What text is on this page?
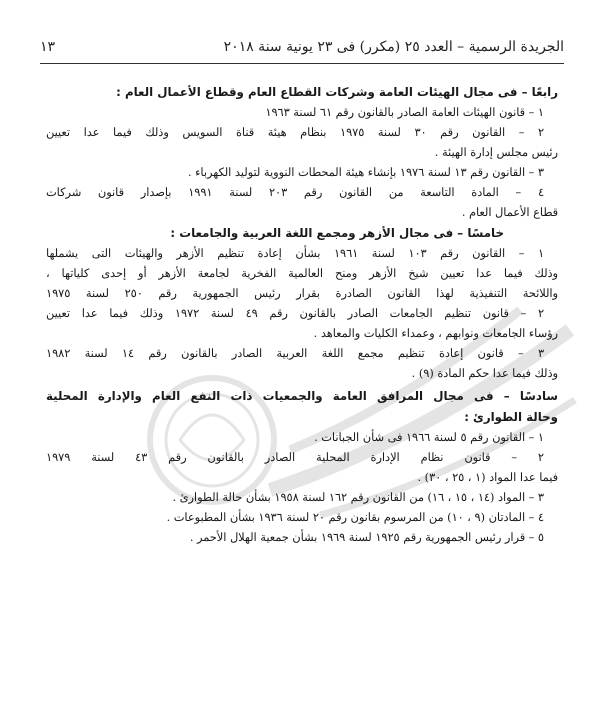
الجريدة الرسمية – العدد ٢٥ (مكرر) فى ٢٣ يونية سنة ٢٠١٨
١٣
رابعًا – فى مجال الهيئات العامة وشركات القطاع العام وقطاع الأعمال العام :

١ – قانون الهيئات العامة الصادر بالقانون رقم ٦١ لسنة ١٩٦٣

٢ – القانون رقم ٣٠ لسنة ١٩٧٥ بنظام هيئة قناة السويس وذلك فيما عدا تعيين

رئيس مجلس إدارة الهيئة .

٣ – القانون رقم ١٣ لسنة ١٩٧٦ بإنشاء هيئة المحطات النووية لتوليد الكهرباء .

٤ – المادة التاسعة من القانون رقم ٢٠٣ لسنة ١٩٩١ بإصدار قانون شركات

قطاع الأعمال العام .

خامسًا – فى مجال الأزهر ومجمع اللغة العربية والجامعات :

١ – القانون رقم ١٠٣ لسنة ١٩٦١ بشأن إعادة تنظيم الأزهر والهيئات التى يشملها

وذلك فيما عدا تعيين شيخ الأزهر ومنح العالمية الفخرية لجامعة الأزهر أو إحدى كلياتها ،

واللائحة التنفيذية لهذا القانون الصادرة بقرار رئيس الجمهورية رقم ٢٥٠ لسنة ١٩٧٥

٢ – قانون تنظيم الجامعات الصادر بالقانون رقم ٤٩ لسنة ١٩٧٢ وذلك فيما عدا تعيين

رؤساء الجامعات ونوابهم ، وعمداء الكليات والمعاهد .

٣ – قانون إعادة تنظيم مجمع اللغة العربية الصادر بالقانون رقم ١٤ لسنة ١٩٨٢

وذلك فيما عدا حكم المادة (٩) .

سادسًا – فى مجال المرافق العامة والجمعيات ذات النفع العام والإدارة المحلية
وحالة الطوارئ :

١ – القانون رقم ٥ لسنة ١٩٦٦ فى شأن الجبانات .

٢ – قانون نظام الإدارة المحلية الصادر بالقانون رقم ٤٣ لسنة ١٩٧٩

فيما عدا المواد (١ ، ٢٥ ، ٣٠) .

٣ – المواد (١٤ ، ١٥ ، ١٦) من القانون رقم ١٦٢ لسنة ١٩٥٨ بشأن حالة الطوارئ .

٤ – المادتان (٩ ، ١٠) من المرسوم بقانون رقم ٢٠ لسنة ١٩٣٦ بشأن المطبوعات .

٥ – قرار رئيس الجمهورية رقم ١٩٢٥ لسنة ١٩٦٩ بشأن جمعية الهلال الأحمر .
